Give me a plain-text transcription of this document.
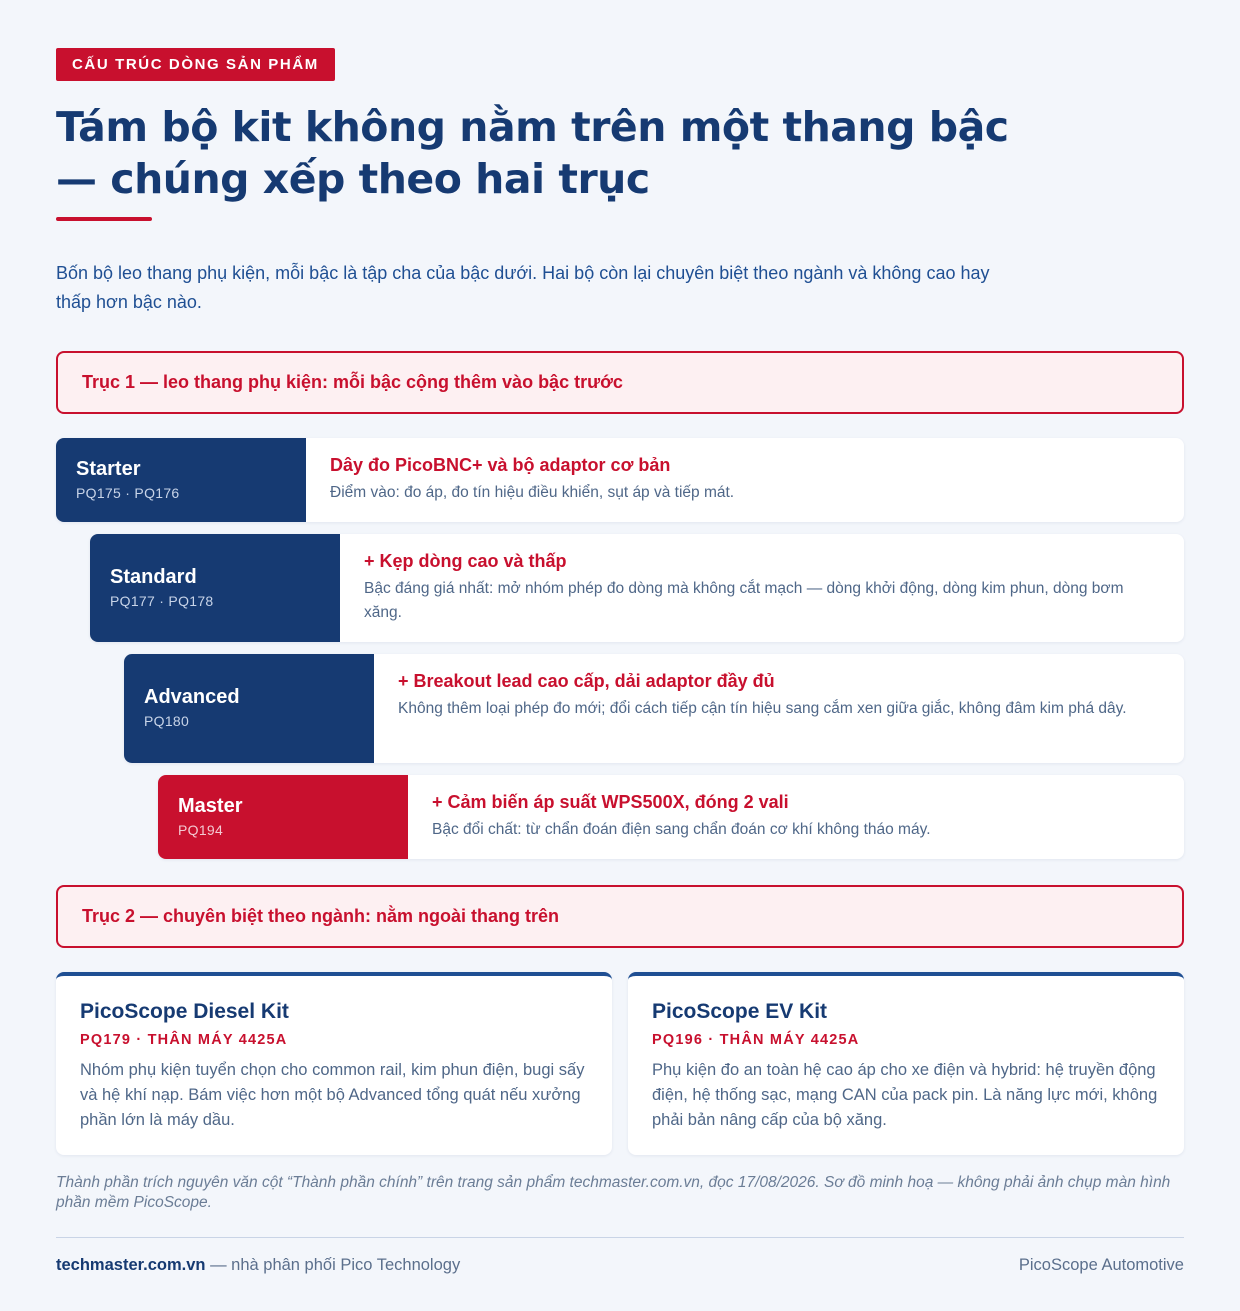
CẤU TRÚC DÒNG SẢN PHẨM
Tám bộ kit không nằm trên một thang bậc — chúng xếp theo hai trục

Bốn bộ leo thang phụ kiện, mỗi bậc là tập cha của bậc dưới. Hai bộ còn lại chuyên biệt theo ngành và không cao hay thấp hơn bậc nào.

Trục 1 — leo thang phụ kiện: mỗi bậc cộng thêm vào bậc trước
Starter
PQ175 · PQ176
Dây đo PicoBNC+ và bộ adaptor cơ bản
Điểm vào: đo áp, đo tín hiệu điều khiển, sụt áp và tiếp mát.
Standard
PQ177 · PQ178
+ Kẹp dòng cao và thấp
Bậc đáng giá nhất: mở nhóm phép đo dòng mà không cắt mạch — dòng khởi động, dòng kim phun, dòng bơm xăng.
Advanced
PQ180
+ Breakout lead cao cấp, dải adaptor đầy đủ
Không thêm loại phép đo mới; đổi cách tiếp cận tín hiệu sang cắm xen giữa giắc, không đâm kim phá dây.
Master
PQ194
+ Cảm biến áp suất WPS500X, đóng 2 vali
Bậc đổi chất: từ chẩn đoán điện sang chẩn đoán cơ khí không tháo máy.
Trục 2 — chuyên biệt theo ngành: nằm ngoài thang trên
PicoScope Diesel Kit
PQ179 · THÂN MÁY 4425A
Nhóm phụ kiện tuyển chọn cho common rail, kim phun điện, bugi sấy và hệ khí nạp. Bám việc hơn một bộ Advanced tổng quát nếu xưởng phần lớn là máy dầu.
PicoScope EV Kit
PQ196 · THÂN MÁY 4425A
Phụ kiện đo an toàn hệ cao áp cho xe điện và hybrid: hệ truyền động điện, hệ thống sạc, mạng CAN của pack pin. Là năng lực mới, không phải bản nâng cấp của bộ xăng.

Thành phần trích nguyên văn cột “Thành phần chính” trên trang sản phẩm techmaster.com.vn, đọc 17/08/2026. Sơ đồ minh hoạ — không phải ảnh chụp màn hình phần mềm PicoScope.

techmaster.com.vn — nhà phân phối Pico Technology	PicoScope Automotive
